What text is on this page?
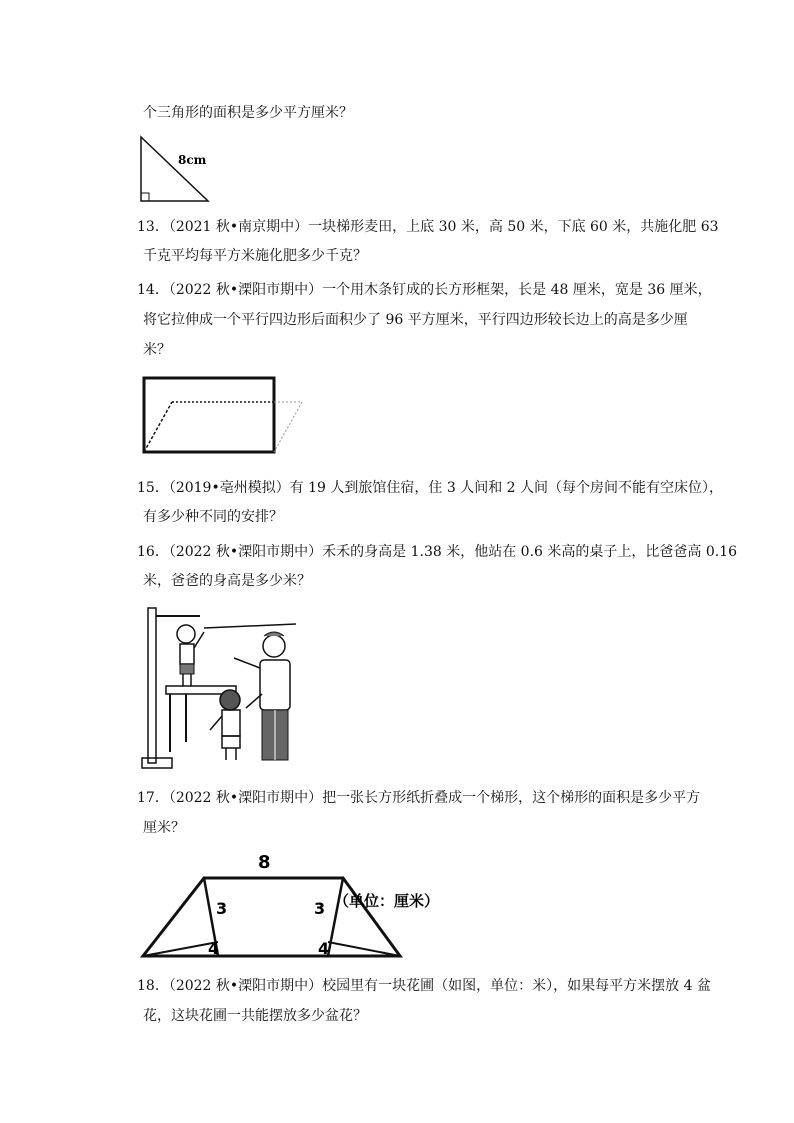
个三角形的面积是多少平方厘米？
8cm
13．（2021 秋•南京期中）一块梯形麦田，上底 30 米，高 50 米，下底 60 米，共施化肥 63
千克平均每平方米施化肥多少千克？
14．（2022 秋•溧阳市期中）一个用木条钉成的长方形框架，长是 48 厘米，宽是 36 厘米，
将它拉伸成一个平行四边形后面积少了 96 平方厘米，平行四边形较长边上的高是多少厘
米？
15．（2019•亳州模拟）有 19 人到旅馆住宿，住 3 人间和 2 人间（每个房间不能有空床位），
有多少种不同的安排？
16．（2022 秋•溧阳市期中）禾禾的身高是 1.38 米，他站在 0.6 米高的桌子上，比爸爸高 0.16
米，爸爸的身高是多少米？
17．（2022 秋•溧阳市期中）把一张长方形纸折叠成一个梯形，这个梯形的面积是多少平方
厘米？
8
3	3
4	4
（单位：厘米）
18．（2022 秋•溧阳市期中）校园里有一块花圃（如图，单位：米），如果每平方米摆放 4 盆
花，这块花圃一共能摆放多少盆花？
